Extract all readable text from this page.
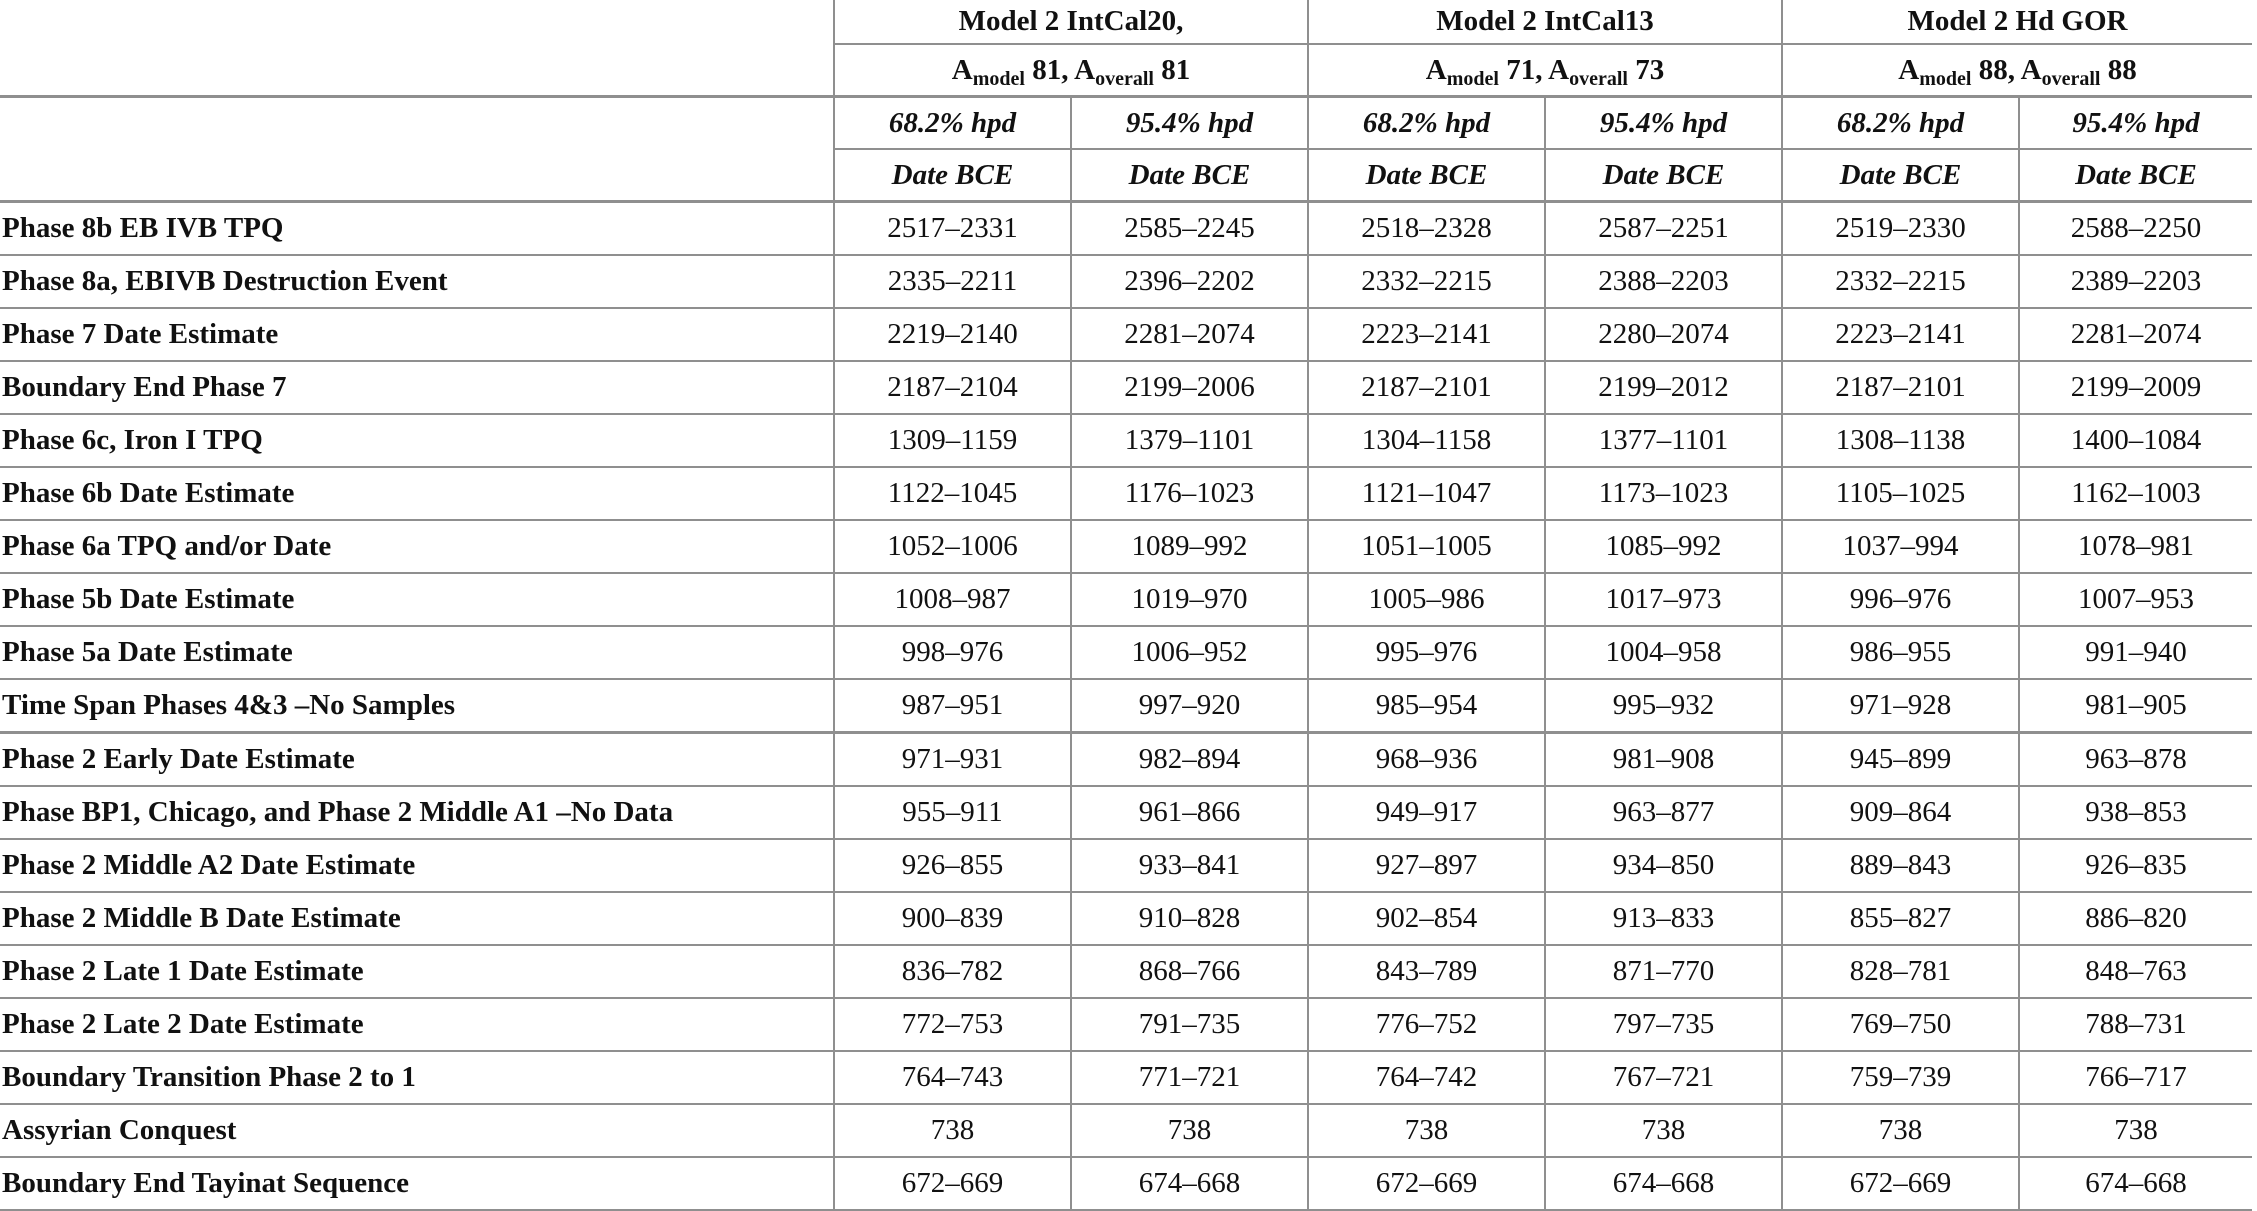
	Model 2 IntCal20,		Model 2 IntCal13		Model 2 Hd GOR	
	$A_{model}$ 81, $A_{overall}$ 81		$A_{model}$ 71, $A_{overall}$ 73		$A_{model}$ 88, $A_{overall}$ 88	
	68.2% hpd	95.4% hpd	68.2% hpd	95.4% hpd	68.2% hpd	95.4% hpd
	Date BCE	Date BCE	Date BCE	Date BCE	Date BCE	Date BCE
Phase 8b EB IVB TPQ	2517–2331	2585–2245	2518–2328	2587–2251	2519–2330	2588–2250
Phase 8a, EBIVB Destruction Event	2335–2211	2396–2202	2332–2215	2388–2203	2332–2215	2389–2203
Phase 7 Date Estimate	2219–2140	2281–2074	2223–2141	2280–2074	2223–2141	2281–2074
Boundary End Phase 7	2187–2104	2199–2006	2187–2101	2199–2012	2187–2101	2199–2009
Phase 6c, Iron I TPQ	1309–1159	1379–1101	1304–1158	1377–1101	1308–1138	1400–1084
Phase 6b Date Estimate	1122–1045	1176–1023	1121–1047	1173–1023	1105–1025	1162–1003
Phase 6a TPQ and/or Date	1052–1006	1089–992	1051–1005	1085–992	1037–994	1078–981
Phase 5b Date Estimate	1008–987	1019–970	1005–986	1017–973	996–976	1007–953
Phase 5a Date Estimate	998–976	1006–952	995–976	1004–958	986–955	991–940
Time Span Phases 4&3 –No Samples	987–951	997–920	985–954	995–932	971–928	981–905
Phase 2 Early Date Estimate	971–931	982–894	968–936	981–908	945–899	963–878
Phase BP1, Chicago, and Phase 2 Middle A1 –No Data	955–911	961–866	949–917	963–877	909–864	938–853
Phase 2 Middle A2 Date Estimate	926–855	933–841	927–897	934–850	889–843	926–835
Phase 2 Middle B Date Estimate	900–839	910–828	902–854	913–833	855–827	886–820
Phase 2 Late 1 Date Estimate	836–782	868–766	843–789	871–770	828–781	848–763
Phase 2 Late 2 Date Estimate	772–753	791–735	776–752	797–735	769–750	788–731
Boundary Transition Phase 2 to 1	764–743	771–721	764–742	767–721	759–739	766–717
Assyrian Conquest	738	738	738	738	738	738
Boundary End Tayinat Sequence	672–669	674–668	672–669	674–668	672–669	674–668
